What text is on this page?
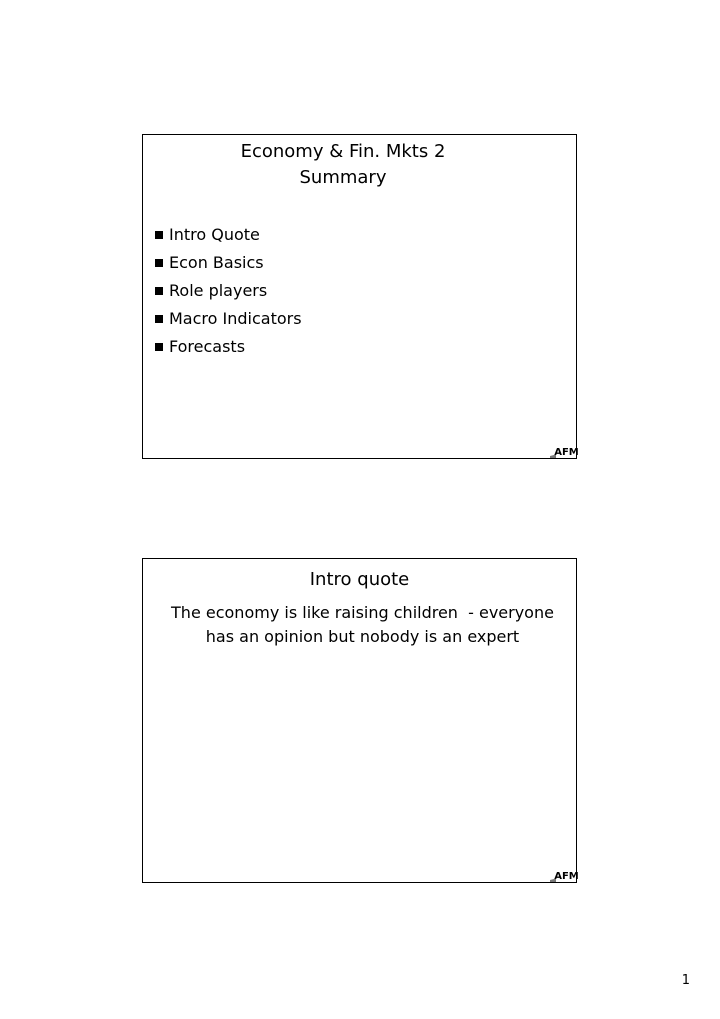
Economy & Fin. Mkts 2
Summary
Intro Quote
Econ Basics
Role players
Macro Indicators
Forecasts
AFM
Intro quote
The economy is like raising children  - everyone
has an opinion but nobody is an expert
AFM
1
